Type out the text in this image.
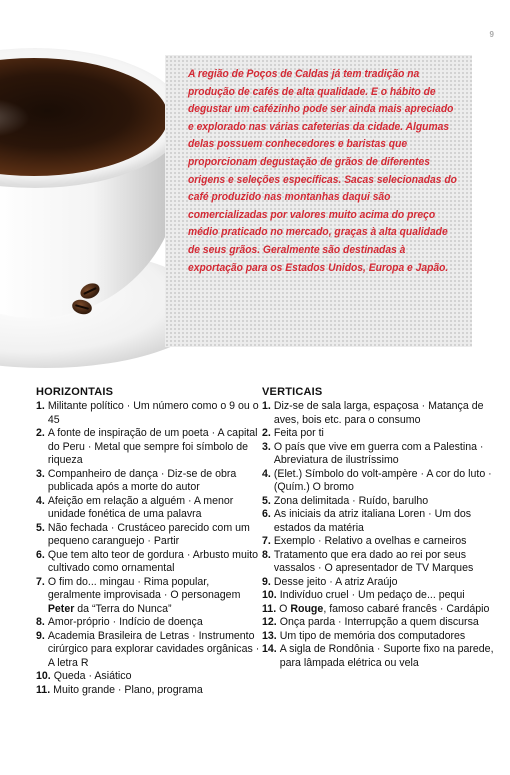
9

A região de Poços de Caldas já tem tradição na produção de cafés de alta qualidade. E o hábito de degustar um cafézinho pode ser ainda mais apreciado e explorado nas várias cafeterias da cidade. Algumas delas possuem conhecedores e baristas que proporcionam degustação de grãos de diferentes origens e seleções específicas. Sacas selecionadas do café produzido nas montanhas daqui são comercializadas por valores muito acima do preço médio praticado no mercado, graças à alta qualidade de seus grãos. Geralmente são destinadas à exportação para os Estados Unidos, Europa e Japão.

HORIZONTAIS
1. Militante político · Um número como o 9 ou o 45
2. A fonte de inspiração de um poeta · A capital do Peru · Metal que sempre foi símbolo de riqueza
3. Companheiro de dança · Diz-se de obra publicada após a morte do autor
4. Afeição em relação a alguém · A menor unidade fonética de uma palavra
5. Não fechada · Crustáceo parecido com um pequeno caranguejo · Partir
6. Que tem alto teor de gordura · Arbusto muito cultivado como ornamental
7. O fim do... mingau · Rima popular, geralmente improvisada · O personagem Peter da “Terra do Nunca”
8. Amor-próprio · Indício de doença
9. Academia Brasileira de Letras · Instrumento cirúrgico para explorar cavidades orgânicas · A letra R
10. Queda · Asiático
11. Muito grande · Plano, programa
VERTICAIS
1. Diz-se de sala larga, espaçosa · Matança de aves, bois etc. para o consumo
2. Feita por ti
3. O país que vive em guerra com a Palestina · Abreviatura de ilustríssimo
4. (Elet.) Símbolo do volt-ampère · A cor do luto · (Quím.) O bromo
5. Zona delimitada · Ruído, barulho
6. As iniciais da atriz italiana Loren · Um dos estados da matéria
7. Exemplo · Relativo a ovelhas e carneiros
8. Tratamento que era dado ao rei por seus vassalos · O apresentador de TV Marques
9. Desse jeito · A atriz Araújo
10. Indivíduo cruel · Um pedaço de... pequi
11. O Rouge, famoso cabaré francês · Cardápio
12. Onça parda · Interrupção a quem discursa
13. Um tipo de memória dos computadores
14. A sigla de Rondônia · Suporte fixo na parede, para lâmpada elétrica ou vela
